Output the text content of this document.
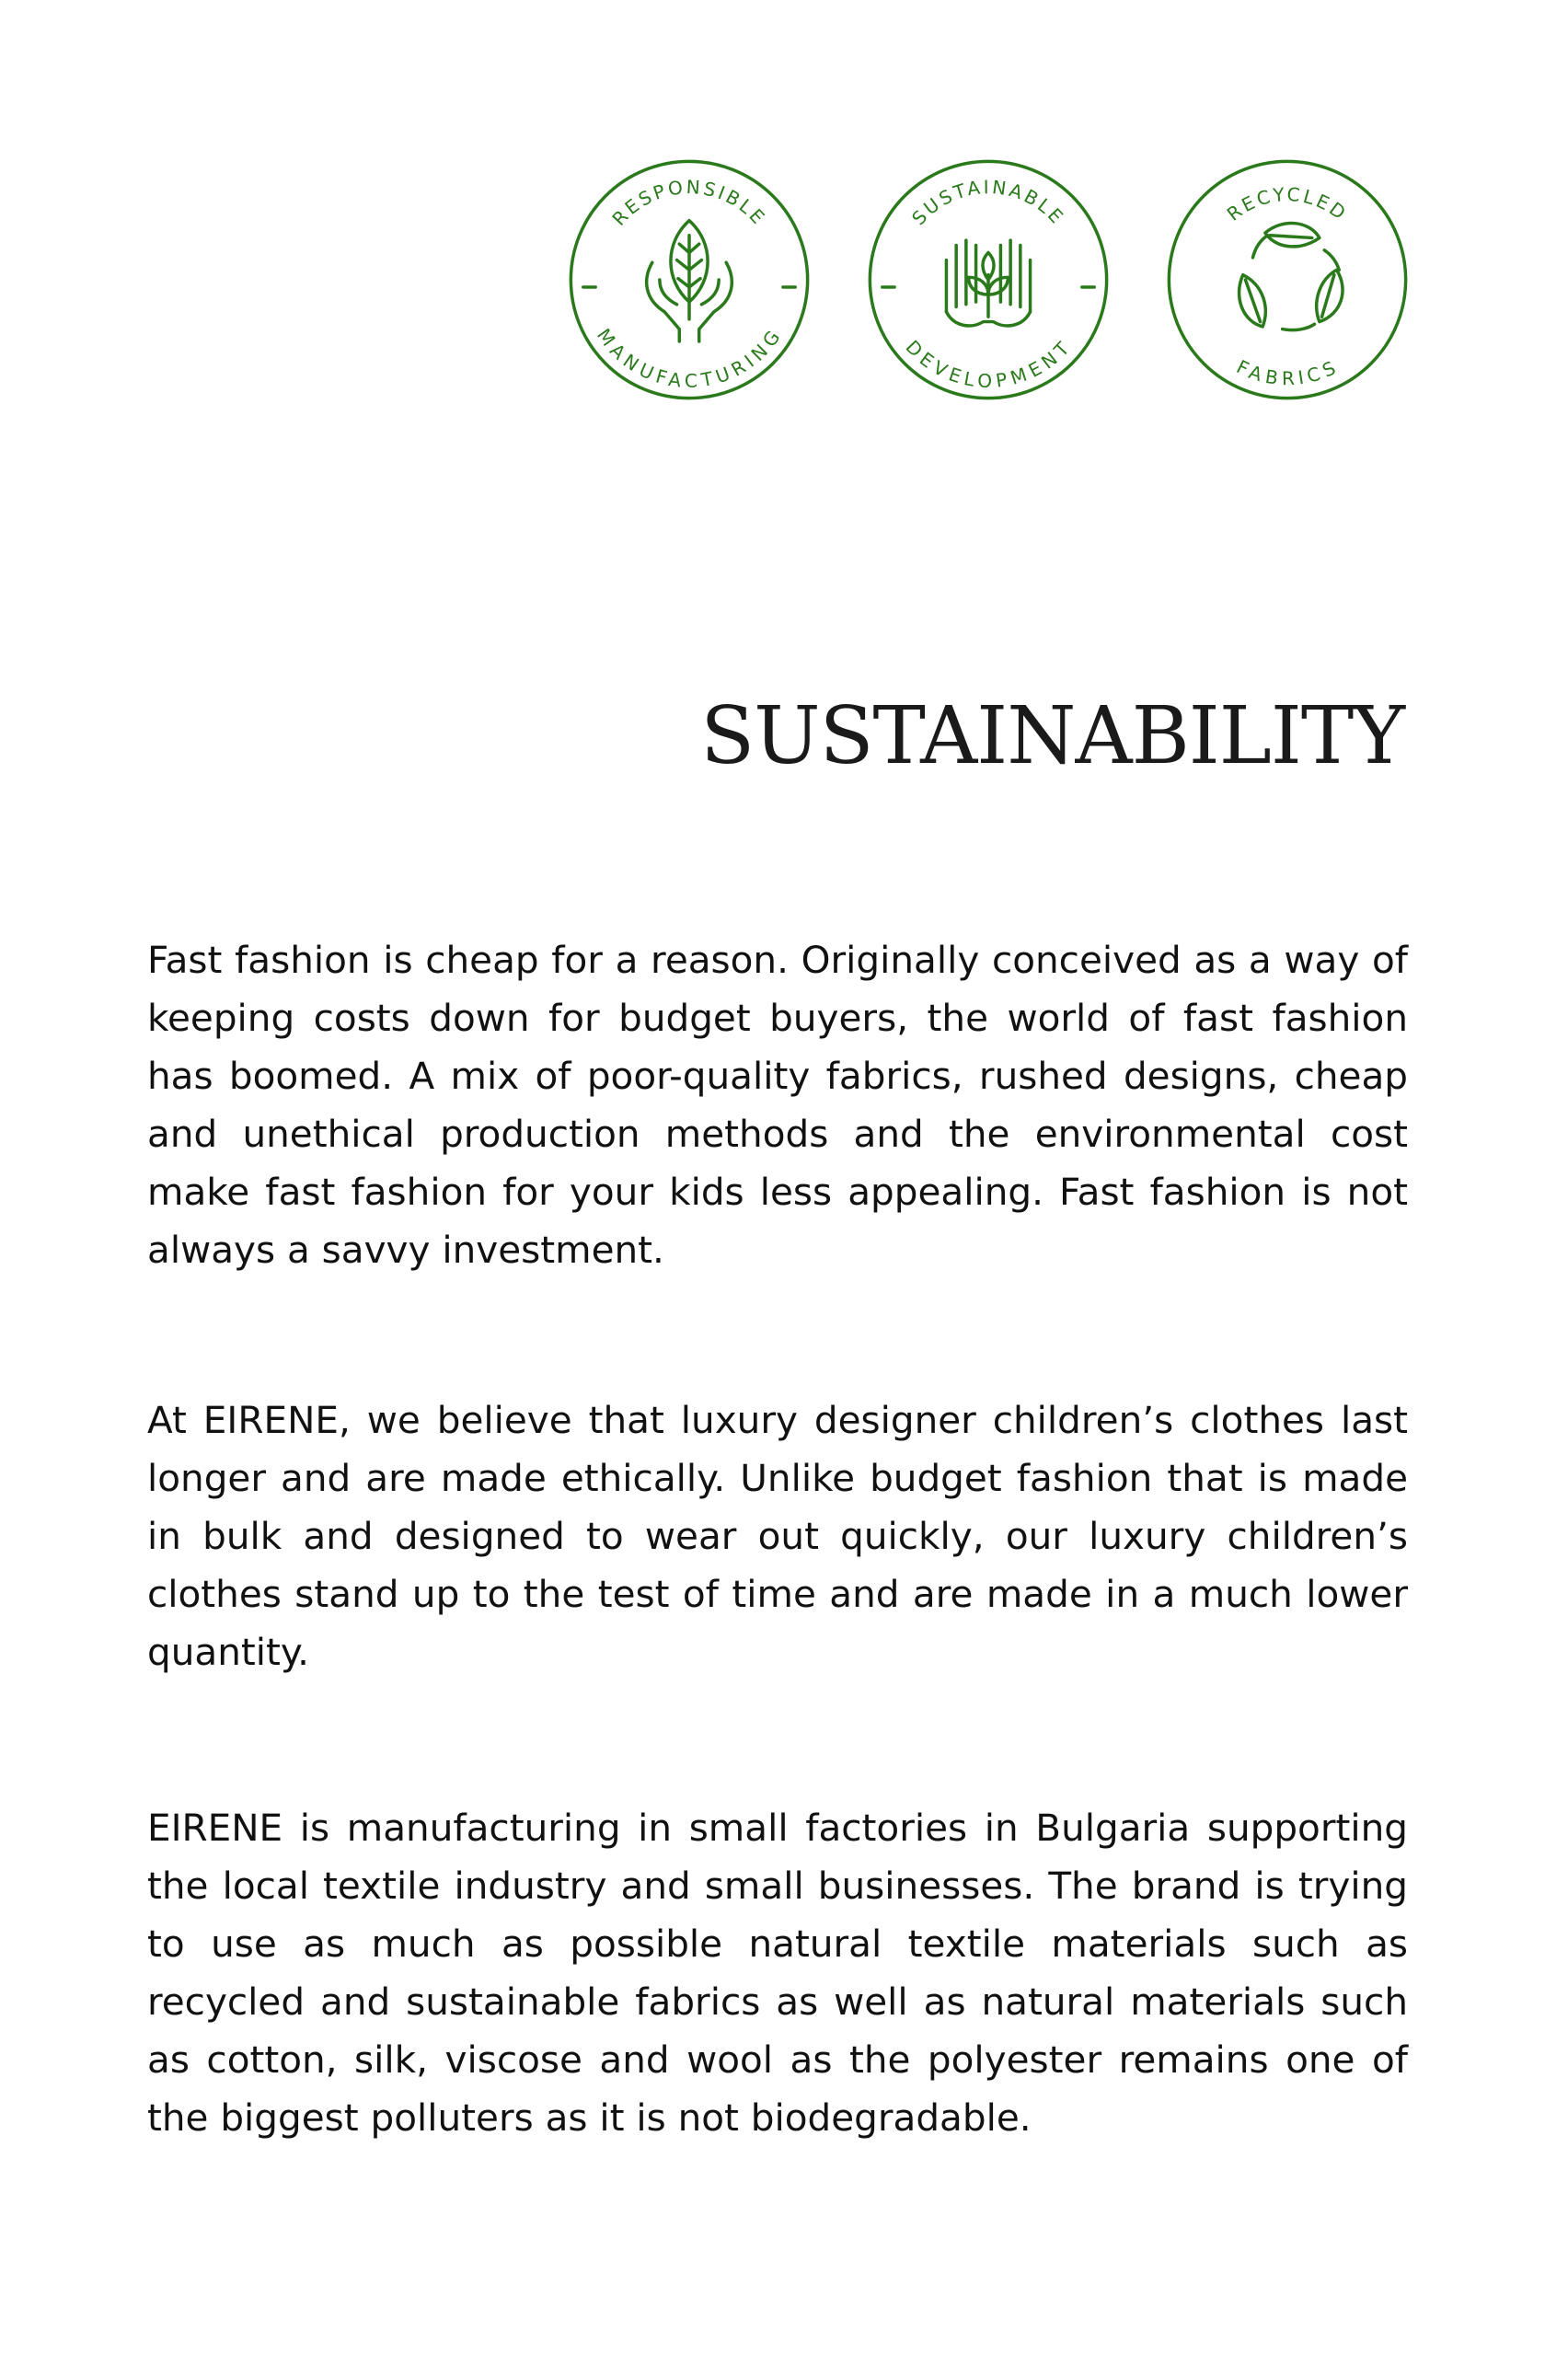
RESPONSIBLE
MANUFACTURING
SUSTAINABLE
DEVELOPMENT
RECYCLED
FABRICS
SUSTAINABILITY

Fast fashion is cheap for a reason. Originally conceived as a way of keeping costs down for budget buyers, the world of fast fashion has boomed. A mix of poor-quality fabrics, rushed designs, cheap and unethical production methods and the environmental cost make fast fashion for your kids less appealing. Fast fashion is not always a savvy investment.

At EIRENE, we believe that luxury designer children’s clothes last longer and are made ethically. Unlike budget fashion that is made in bulk and designed to wear out quickly, our luxury children’s clothes stand up to the test of time and are made in a much lower quantity.

EIRENE is manufacturing in small factories in Bulgaria supporting the local textile industry and small businesses. The brand is trying to use as much as possible natural textile materials such as recycled and sustainable fabrics as well as natural materials such as cotton, silk, viscose and wool as the polyester remains one of the biggest polluters as it is not biodegradable.
